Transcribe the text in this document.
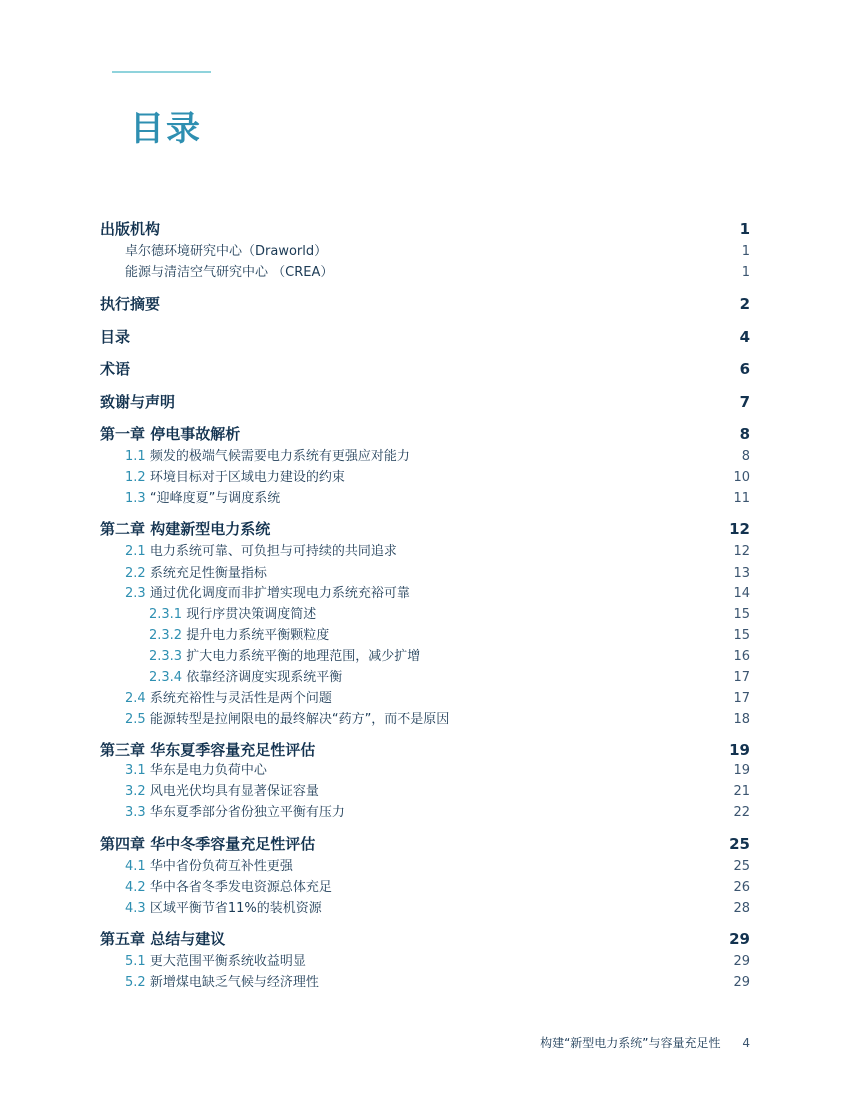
目录
出版机构	1
卓尔德环境研究中心（Draworld）	1
能源与清洁空气研究中心 （CREA）	1
执行摘要	2
目录	4
术语	6
致谢与声明	7
第一章 停电事故解析	8
1.1 频发的极端气候需要电力系统有更强应对能力	8
1.2 环境目标对于区域电力建设的约束	10
1.3 “迎峰度夏”与调度系统	11
第二章 构建新型电力系统	12
2.1 电力系统可靠、可负担与可持续的共同追求	12
2.2 系统充足性衡量指标	13
2.3 通过优化调度而非扩增实现电力系统充裕可靠	14
2.3.1 现行序贯决策调度简述	15
2.3.2 提升电力系统平衡颗粒度	15
2.3.3 扩大电力系统平衡的地理范围，减少扩增	16
2.3.4 依靠经济调度实现系统平衡	17
2.4 系统充裕性与灵活性是两个问题	17
2.5 能源转型是拉闸限电的最终解决“药方”，而不是原因	18
第三章 华东夏季容量充足性评估	19
3.1 华东是电力负荷中心	19
3.2 风电光伏均具有显著保证容量	21
3.3 华东夏季部分省份独立平衡有压力	22
第四章 华中冬季容量充足性评估	25
4.1 华中省份负荷互补性更强	25
4.2 华中各省冬季发电资源总体充足	26
4.3 区域平衡节省11%的装机资源	28
第五章 总结与建议	29
5.1 更大范围平衡系统收益明显	29
5.2 新增煤电缺乏气候与经济理性	29
构建“新型电力系统”与容量充足性 4
